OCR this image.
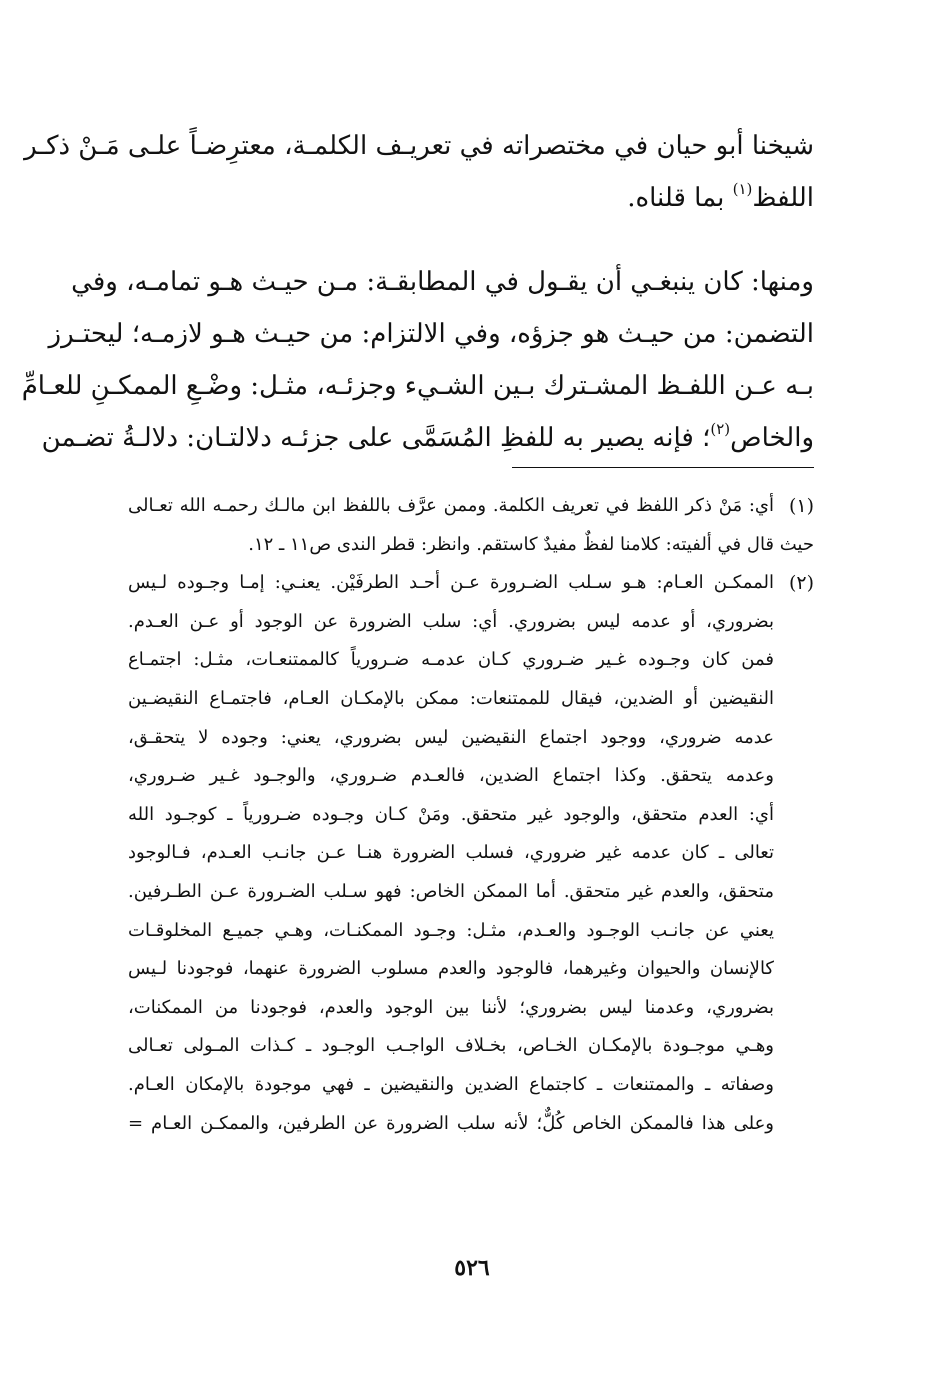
شيخنا أبو حيان في مختصراته في تعريـف الكلمـة، معترِضـاً علـى مَـنْ ذكـر
اللفظ$^{(١)}$ بما قلناه.
ومنها: كان ينبغـي أن يقـول في المطابقـة: مـن حيـث هـو تمامـه، وفي
التضمن: من حيـث هو جزؤه، وفي الالتزام: من حيـث هـو لازمـه؛ ليحتـرز
بـه عـن اللفـظ المشـترك بـين الشـيء وجزئـه، مثـل: وضْـعِ الممكـنِ للعـامِّ
والخاص$^{(٢)}$؛ فإنه يصير به للفظِ المُسَمَّى على جزئـه دلالتـان: دلالـةُ تضـمن
(١)
أي: مَنْ ذكر اللفظ في تعريف الكلمة. وممن عرَّف باللفظ ابن مالـك رحمـه الله تعـالى
حيث قال في ألفيته: كلامنا لفظٌ مفيدٌ كاستقم. وانظر: قطر الندى ص١١ ـ ١٢.
(٢)
الممكـن العـام: هـو سـلب الضـرورة عـن أحـد الطرفَيْن. يعنـي: إمـا وجـوده لـيس
بضروري، أو عدمه ليس بضروري. أي: سلب الضرورة عن الوجود أو عـن العـدم.
فمن كان وجـوده غـير ضـروري كـان عدمـه ضـرورياً كالممتنعـات، مثـل: اجتمـاع
النقيضين أو الضدين، فيقال للممتنعات: ممكن بالإمكـان العـام، فاجتمـاع النقيضـين
عدمه ضروري، ووجود اجتماع النقيضين ليس بضروري، يعني: وجوده لا يتحقـق،
وعدمه يتحقق. وكذا اجتماع الضدين، فالعـدم ضـروري، والوجـود غـير ضـروري،
أي: العدم متحقق، والوجود غير متحقق. ومَنْ كـان وجـوده ضـرورياً ـ كوجـود الله
تعالى ـ كان عدمه غير ضروري، فسلب الضرورة هنـا عـن جانـب العـدم، فـالوجود
متحقق، والعدم غير متحقق. أما الممكن الخاص: فهو سـلب الضـرورة عـن الطـرفين.
يعني عن جانـب الوجـود والعـدم، مثـل: وجـود الممكنـات، وهـي جميـع المخلوقـات
كالإنسان والحيوان وغيرهما، فالوجود والعدم مسلوب الضرورة عنهما، فوجودنا لـيس
بضروري، وعدمنا ليس بضروري؛ لأننا بين الوجود والعدم، فوجودنا من الممكنات،
وهـي موجـودة بالإمكـان الخـاص، بخـلاف الواجـب الوجـود ـ كـذات المـولى تعـالى
وصفاته ـ والممتنعات ـ كاجتماع الضدين والنقيضين ـ فهي موجودة بالإمكان العـام.
وعلى هذا فالممكن الخاص كُلٌّ؛ لأنه سلب الضرورة عن الطرفين، والممكـن العـام =
٥٢٦
